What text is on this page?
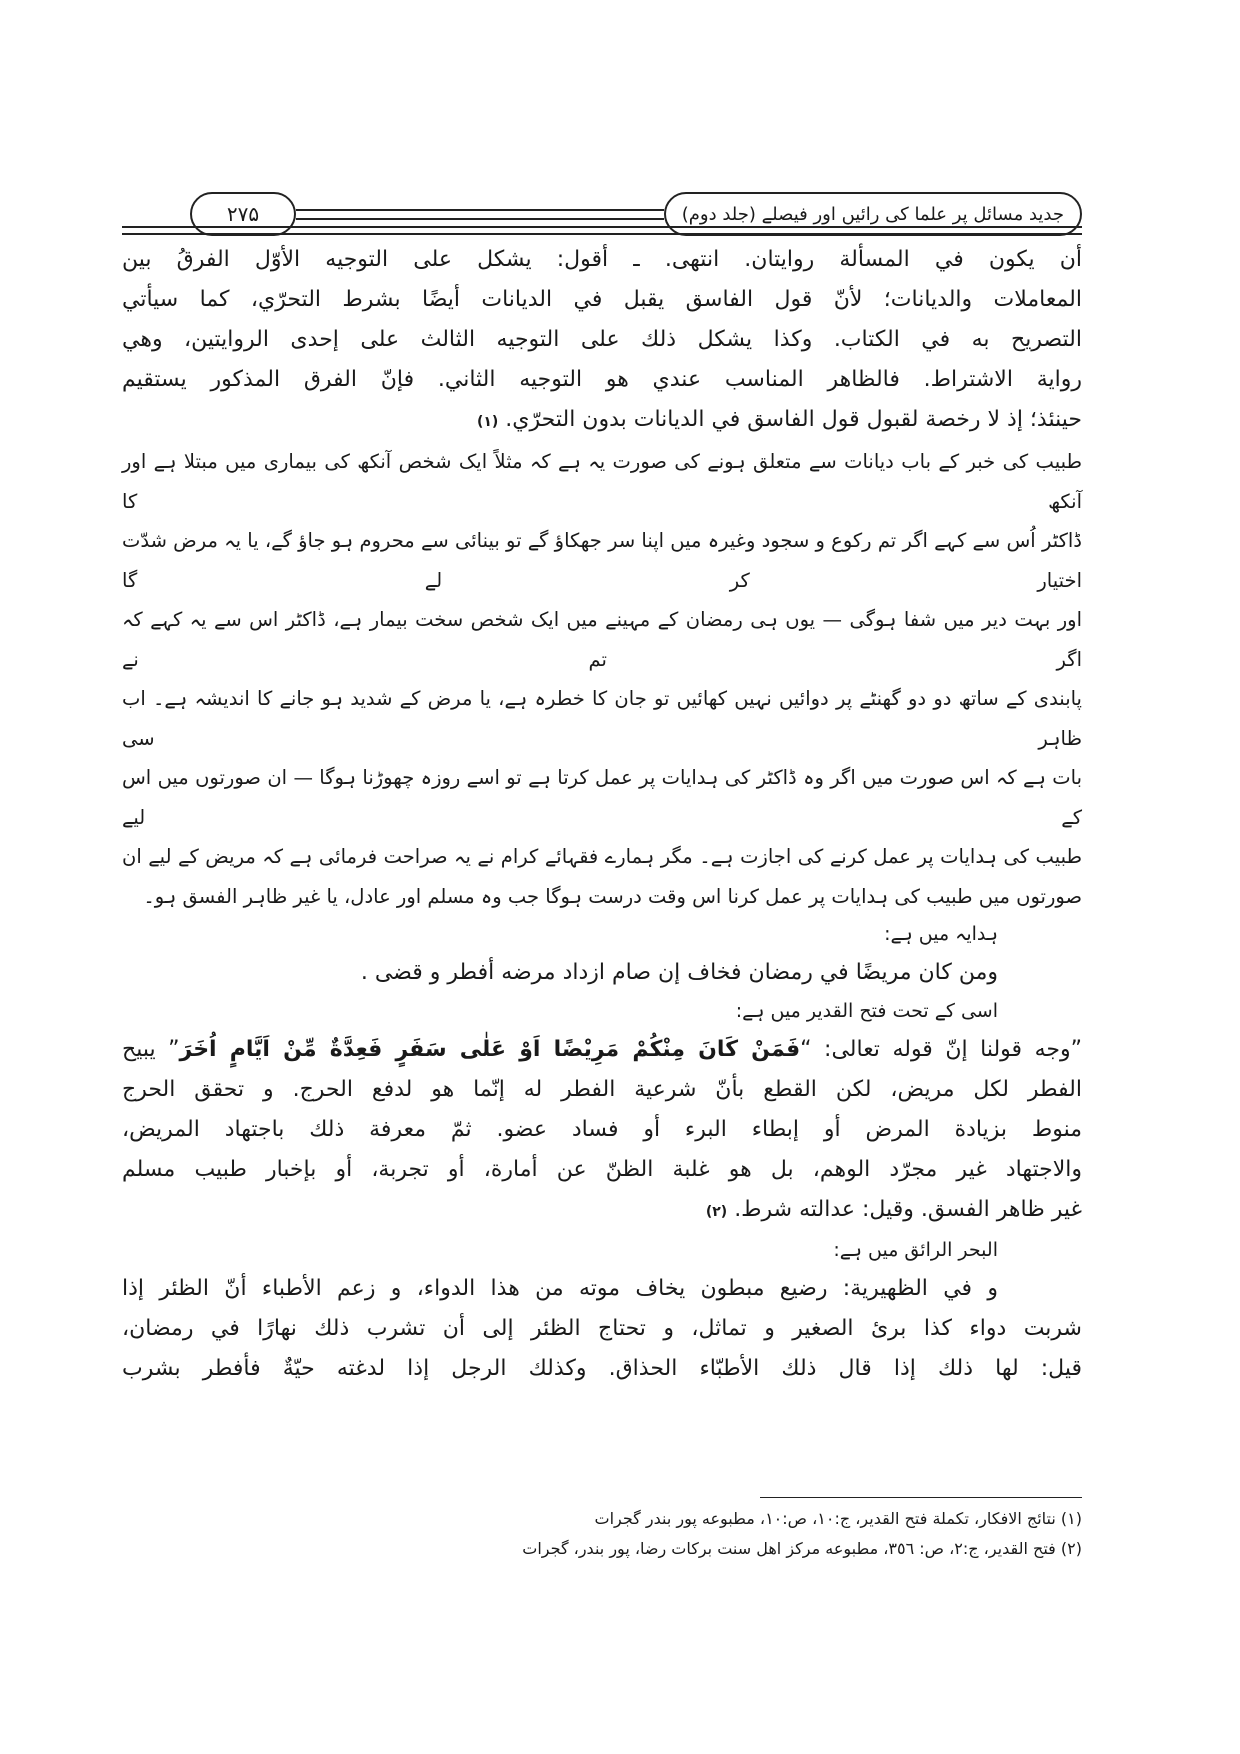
۲۷۵	جدید مسائل پر علما کی رائیں اور فیصلے (جلد دوم)
أن يكون في المسألة روايتان. انتهى. ـ أقول: يشكل على التوجيه الأوّل الفرقُ بين
المعاملات والديانات؛ لأنّ قول الفاسق يقبل في الديانات أيضًا بشرط التحرّي، كما سيأتي
التصريح به في الكتاب. وكذا يشكل ذلك على التوجيه الثالث على إحدى الروايتين، وهي
رواية الاشتراط. فالظاهر المناسب عندي هو التوجيه الثاني. فإنّ الفرق المذكور يستقيم
حينئذ؛ إذ لا رخصة لقبول قول الفاسق في الديانات بدون التحرّي. (۱)
طبیب کی خبر کے باب دیانات سے متعلق ہونے کی صورت یہ ہے کہ مثلاً ایک شخص آنکھ کی بیماری میں مبتلا ہے اور آنکھ کا
ڈاکٹر اُس سے کہے اگر تم رکوع و سجود وغیرہ میں اپنا سر جھکاؤ گے تو بینائی سے محروم ہو جاؤ گے، یا یہ مرض شدّت اختیار کر لے گا
اور بہت دیر میں شفا ہوگی — یوں ہی رمضان کے مہینے میں ایک شخص سخت بیمار ہے، ڈاکٹر اس سے یہ کہے کہ اگر تم نے
پابندی کے ساتھ دو دو گھنٹے پر دوائیں نہیں کھائیں تو جان کا خطرہ ہے، یا مرض کے شدید ہو جانے کا اندیشہ ہے۔ اب ظاہر سی
بات ہے کہ اس صورت میں اگر وہ ڈاکٹر کی ہدایات پر عمل کرتا ہے تو اسے روزہ چھوڑنا ہوگا — ان صورتوں میں اس کے لیے
طبیب کی ہدایات پر عمل کرنے کی اجازت ہے۔ مگر ہمارے فقہائے کرام نے یہ صراحت فرمائی ہے کہ مریض کے لیے ان
صورتوں میں طبیب کی ہدایات پر عمل کرنا اس وقت درست ہوگا جب وہ مسلم اور عادل، یا غیر ظاہر الفسق ہو۔
ہدایہ میں ہے:
ومن كان مريضًا في رمضان فخاف إن صام ازداد مرضه أفطر و قضى .
اسی کے تحت فتح القدیر میں ہے:
”وجه قولنا إنّ قوله تعالى: “فَمَنْ كَانَ مِنْكُمْ مَرِيْضًا اَوْ عَلٰى سَفَرٍ فَعِدَّةٌ مِّنْ اَيَّامٍ اُخَرَ” يبيح
الفطر لكل مريض، لكن القطع بأنّ شرعية الفطر له إنّما هو لدفع الحرج. و تحقق الحرج
منوط بزيادة المرض أو إبطاء البرء أو فساد عضو. ثمّ معرفة ذلك باجتهاد المريض،
والاجتهاد غير مجرّد الوهم، بل هو غلبة الظنّ عن أمارة، أو تجربة، أو بإخبار طبيب مسلم
غير ظاهر الفسق. وقيل: عدالته شرط. (۲)
البحر الرائق میں ہے:
و في الظهيرية: رضيع مبطون يخاف موته من هذا الدواء، و زعم الأطباء أنّ الظئر إذا
شربت دواء كذا برئ الصغير و تماثل، و تحتاج الظئر إلى أن تشرب ذلك نهارًا في رمضان،
قيل: لها ذلك إذا قال ذلك الأطبّاء الحذاق. وكذلك الرجل إذا لدغته حيّةٌ فأفطر بشرب
(۱) نتائج الافکار، تکملة فتح القدیر، ج:۱۰، ص:۱۰، مطبوعه پور بندر گجرات
(۲) فتح القدیر، ج:۲، ص: ٣٥٦، مطبوعه مرکز اهل سنت برکات رضا، پور بندر، گجرات
